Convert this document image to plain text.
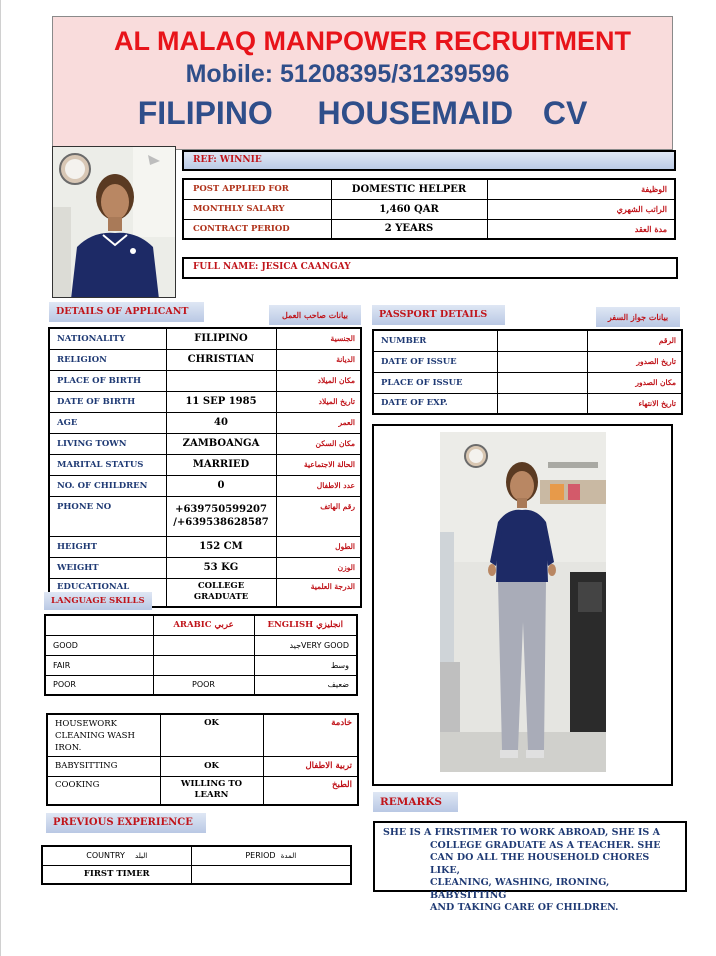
AL MALAQ MANPOWER RECRUITMENT
Mobile: 51208395/31239596
FILIPINO   HOUSEMAID  CV
REF: WINNIE
POST APPLIED FOR	DOMESTIC HELPER	الوظيفة
MONTHLY SALARY	1,460 QAR	الراتب الشهري
CONTRACT PERIOD	2 YEARS	مدة العقد
FULL NAME: JESICA CAANGAY
DETAILS OF APPLICANT	بيانات صاحب العمل
NATIONALITY	FILIPINO	الجنسية
RELIGION	CHRISTIAN	الديانة
PLACE OF BIRTH		مكان الميلاد
DATE OF BIRTH	11 SEP 1985	تاريخ الميلاد
AGE	40	العمر
LIVING TOWN	ZAMBOANGA	مكان السكن
MARITAL STATUS	MARRIED	الحالة الاجتماعية
NO. OF CHILDREN	0	عدد الاطفال
PHONE NO	+639750599207
/+639538628587	رقم الهاتف
HEIGHT	152 CM	الطول
WEIGHT	53 KG	الوزن
EDUCATIONAL	COLLEGE
GRADUATE	الدرجة العلمية
PASSPORT DETAILS	بيانات جواز السفر
NUMBER		الرقم
DATE OF ISSUE		تاريخ الصدور
PLACE OF ISSUE		مكان الصدور
DATE OF EXP.		تاريخ الانتهاء
LANGUAGE SKILLS
	ARABIC عربي	ENGLISH انجليزي
GOOD		جيدVERY GOOD
FAIR		وسط
POOR	POOR	ضعيف
HOUSEWORK
CLEANING WASH
IRON.	OK	خادمة
BABYSITTING	OK	تربية الاطفال
COOKING	WILLING TO
LEARN	الطبخ
PREVIOUS EXPERIENCE
COUNTRY البلد	PERIOD المدة
FIRST TIMER	
REMARKS
SHE IS A FIRSTIMER TO WORK ABROAD, SHE IS A
COLLEGE GRADUATE AS A TEACHER. SHE
CAN DO ALL THE HOUSEHOLD CHORES LIKE,
CLEANING, WASHING, IRONING, BABYSITTING
AND TAKING CARE OF CHILDREN.
